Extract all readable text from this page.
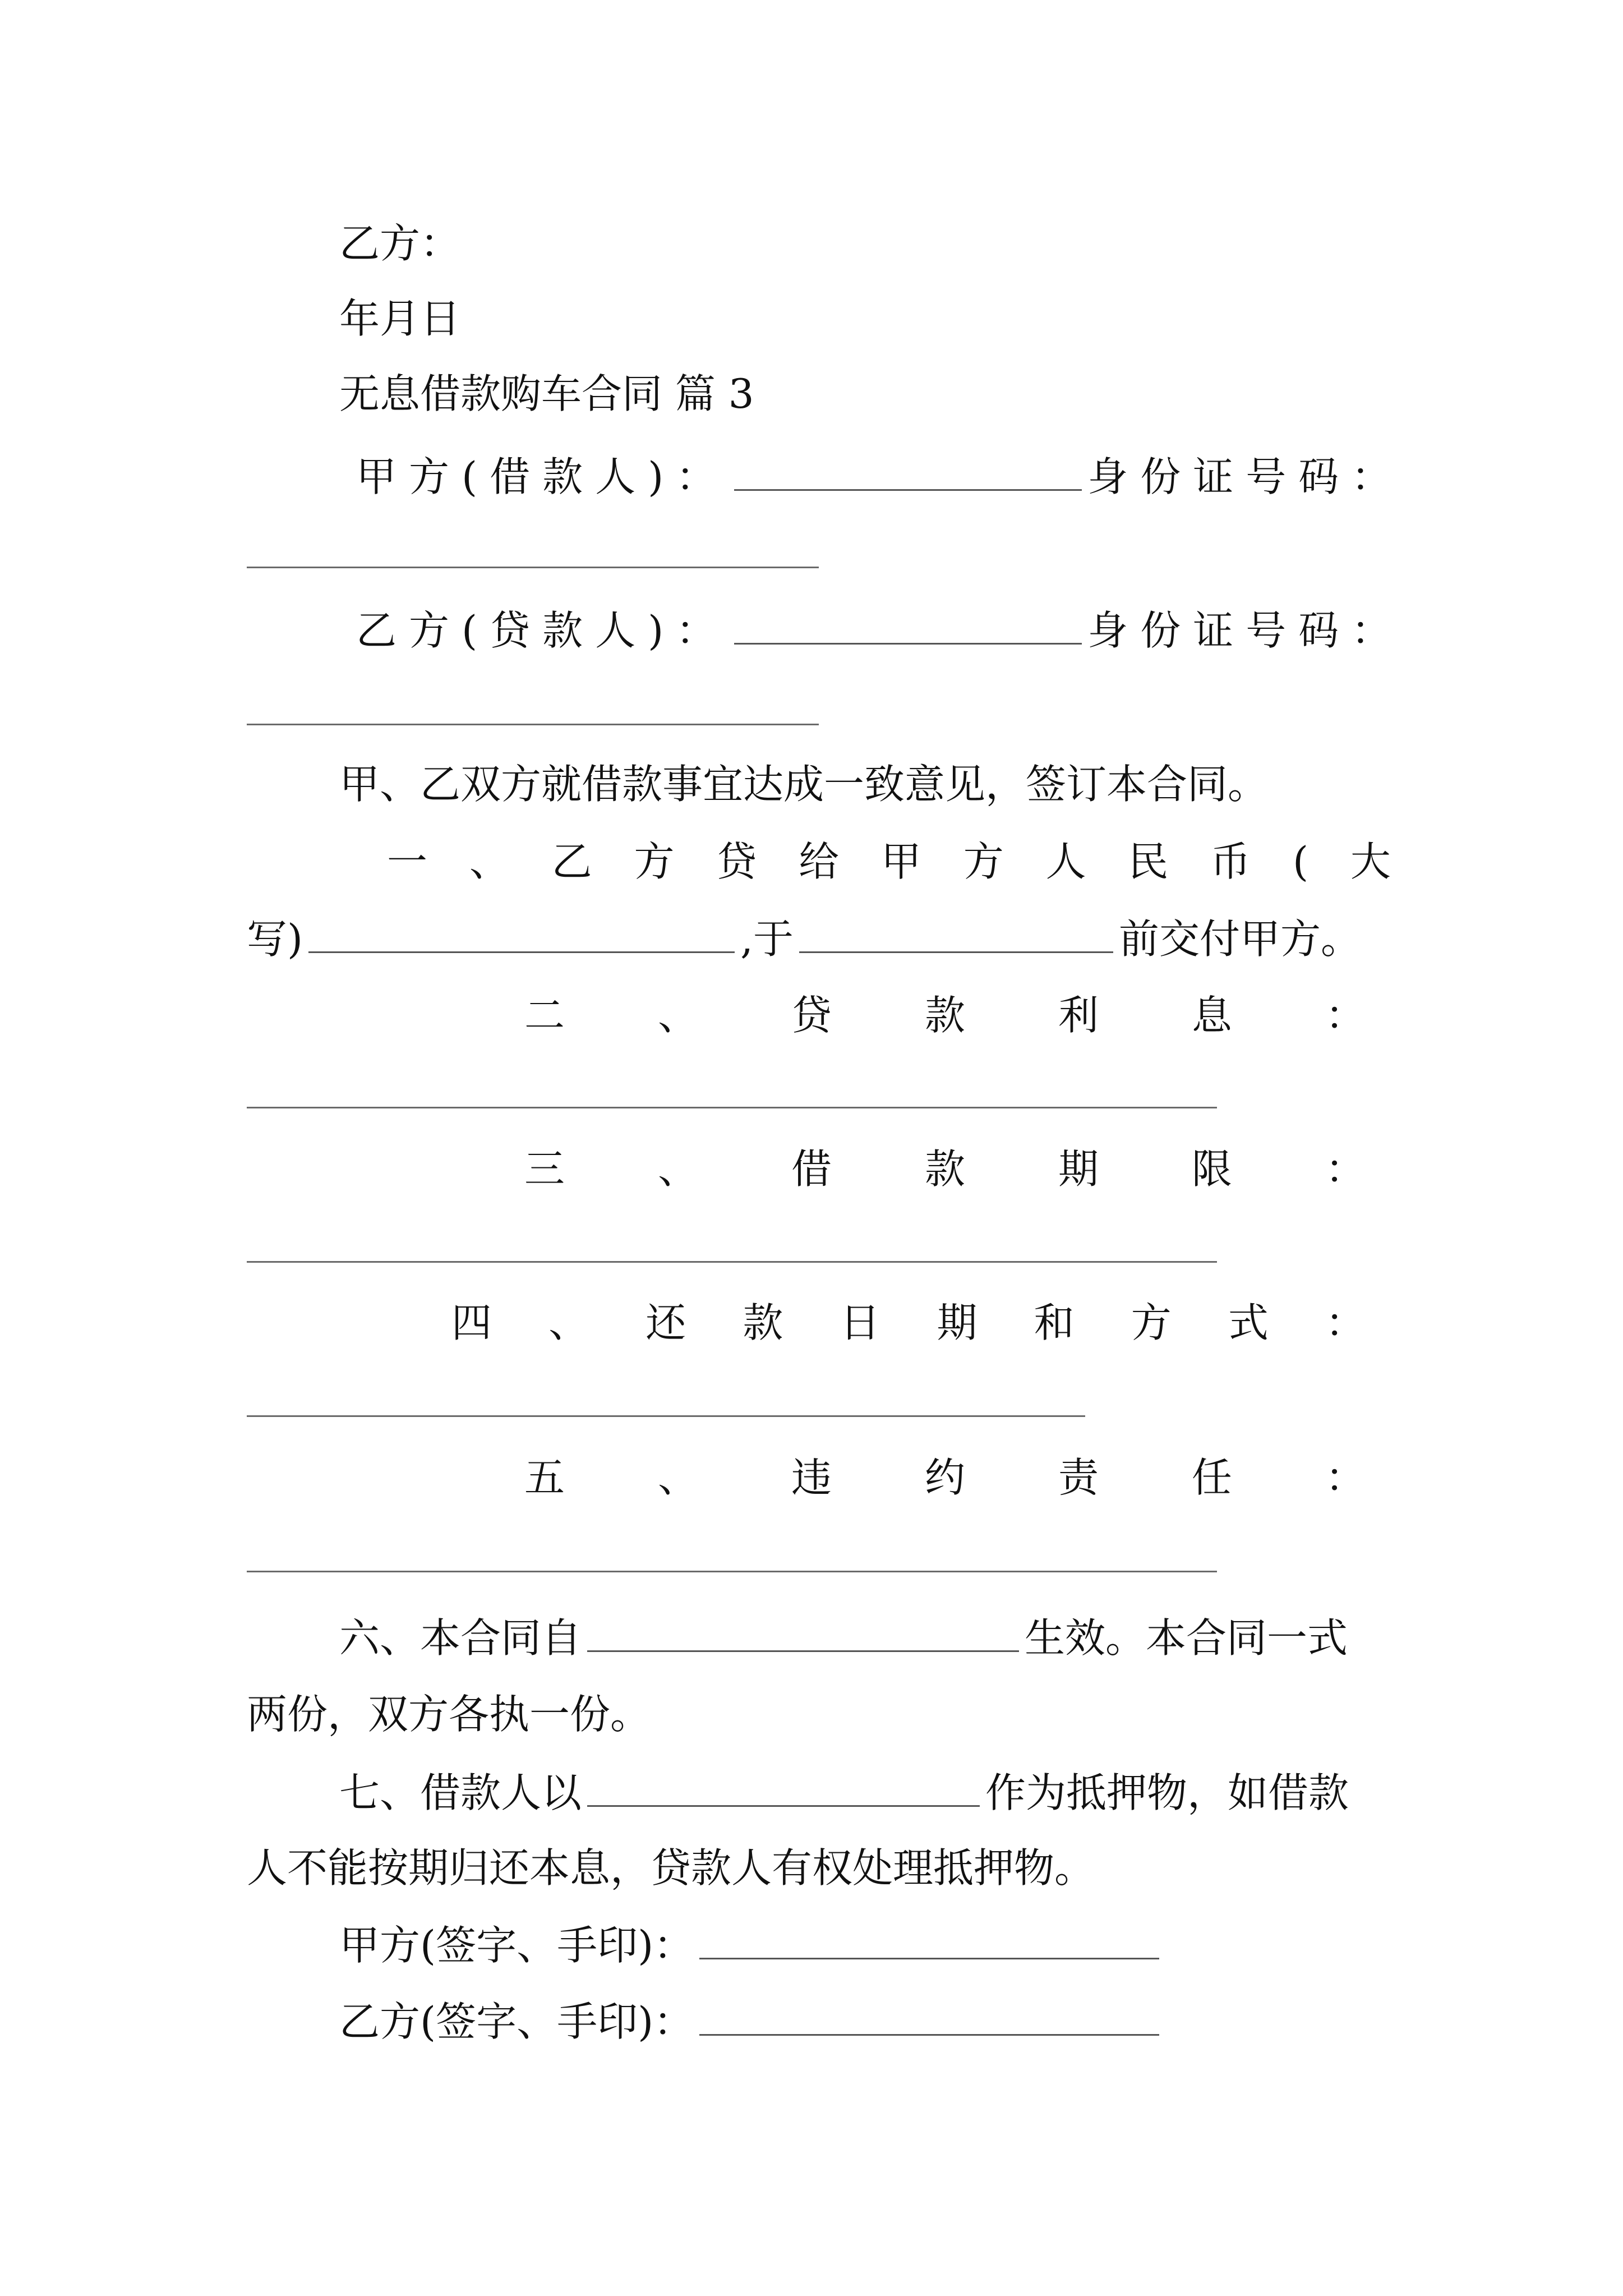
乙方：
年月日
无息借款购车合同 篇 3
甲方(借款人)：	身份证号码：
乙方(贷款人)：	身份证号码：
甲、乙双方就借款事宜达成一致意见，签订本合同。
一 、 乙 方 贷 给 甲 方 人 民 币 ( 大
写)	,于	前交付甲方。
二 、 贷 款 利 息 ：
三 、 借 款 期 限 ：
四 、 还 款 日 期 和 方 式 ：
五 、 违 约 责 任 ：
六、本合同自	生效。本合同一式
两份，双方各执一份。
七、借款人以	作为抵押物，如借款
人不能按期归还本息，贷款人有权处理抵押物。
甲方(签字、手印)：
乙方(签字、手印)：
